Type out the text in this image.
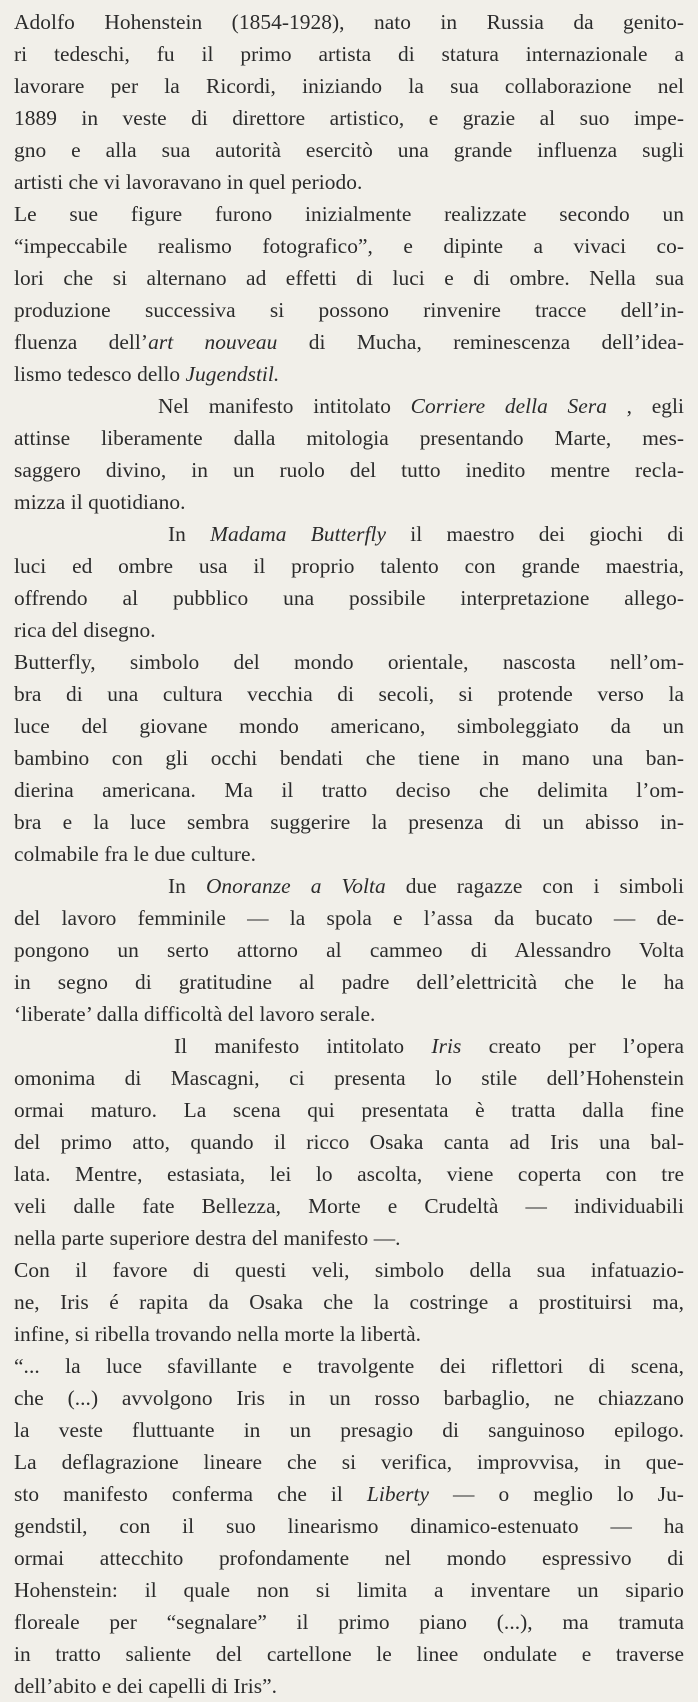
Adolfo Hohenstein (1854-1928), nato in Russia da genito-
ri tedeschi, fu il primo artista di statura internazionale a
lavorare per la Ricordi, iniziando la sua collaborazione nel
1889 in veste di direttore artistico, e grazie al suo impe-
gno e alla sua autorità esercitò una grande influenza sugli
artisti che vi lavoravano in quel periodo.
Le sue figure furono inizialmente realizzate secondo un
“impeccabile realismo fotografico”, e dipinte a vivaci co-
lori che si alternano ad effetti di luci e di ombre. Nella sua
produzione successiva si possono rinvenire tracce dell’in-
fluenza dell’art nouveau di Mucha, reminescenza dell’idea-
lismo tedesco dello Jugendstil.
Nel manifesto intitolato Corriere della Sera , egli
attinse liberamente dalla mitologia presentando Marte, mes-
saggero divino, in un ruolo del tutto inedito mentre recla-
mizza il quotidiano.
In Madama Butterfly il maestro dei giochi di
luci ed ombre usa il proprio talento con grande maestria,
offrendo al pubblico una possibile interpretazione allego-
rica del disegno.
Butterfly, simbolo del mondo orientale, nascosta nell’om-
bra di una cultura vecchia di secoli, si protende verso la
luce del giovane mondo americano, simboleggiato da un
bambino con gli occhi bendati che tiene in mano una ban-
dierina americana. Ma il tratto deciso che delimita l’om-
bra e la luce sembra suggerire la presenza di un abisso in-
colmabile fra le due culture.
In Onoranze a Volta due ragazze con i simboli
del lavoro femminile — la spola e l’assa da bucato — de-
pongono un serto attorno al cammeo di Alessandro Volta
in segno di gratitudine al padre dell’elettricità che le ha
‘liberate’ dalla difficoltà del lavoro serale.
Il manifesto intitolato Iris creato per l’opera
omonima di Mascagni, ci presenta lo stile dell’Hohenstein
ormai maturo. La scena qui presentata è tratta dalla fine
del primo atto, quando il ricco Osaka canta ad Iris una bal-
lata. Mentre, estasiata, lei lo ascolta, viene coperta con tre
veli dalle fate Bellezza, Morte e Crudeltà — individuabili
nella parte superiore destra del manifesto —.
Con il favore di questi veli, simbolo della sua infatuazio-
ne, Iris é rapita da Osaka che la costringe a prostituirsi ma,
infine, si ribella trovando nella morte la libertà.
“... la luce sfavillante e travolgente dei riflettori di scena,
che (...) avvolgono Iris in un rosso barbaglio, ne chiazzano
la veste fluttuante in un presagio di sanguinoso epilogo.
La deflagrazione lineare che si verifica, improvvisa, in que-
sto manifesto conferma che il Liberty — o meglio lo Ju-
gendstil, con il suo linearismo dinamico-estenuato — ha
ormai attecchito profondamente nel mondo espressivo di
Hohenstein: il quale non si limita a inventare un sipario
floreale per “segnalare” il primo piano (...), ma tramuta
in tratto saliente del cartellone le linee ondulate e traverse
dell’abito e dei capelli di Iris”.
